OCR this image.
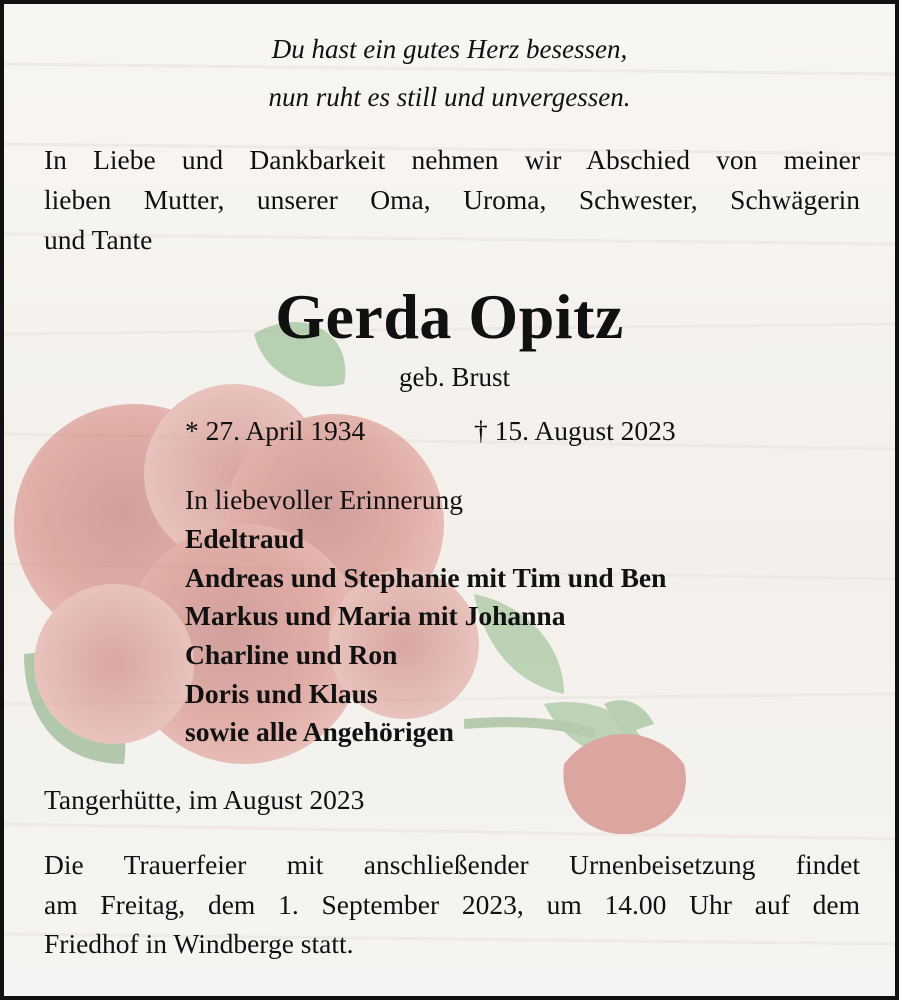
Du hast ein gutes Herz besessen,
nun ruht es still und unvergessen.
In Liebe und Dankbarkeit nehmen wir Abschied von meiner
lieben Mutter, unserer Oma, Uroma, Schwester, Schwägerin
und Tante
Gerda Opitz
geb. Brust
* 27. April 1934	† 15. August 2023
In liebevoller Erinnerung
Edeltraud
Andreas und Stephanie mit Tim und Ben
Markus und Maria mit Johanna
Charline und Ron
Doris und Klaus
sowie alle Angehörigen
Tangerhütte, im August 2023
Die Trauerfeier mit anschließender Urnenbeisetzung findet
am Freitag, dem 1. September 2023, um 14.00 Uhr auf dem
Friedhof in Windberge statt.
